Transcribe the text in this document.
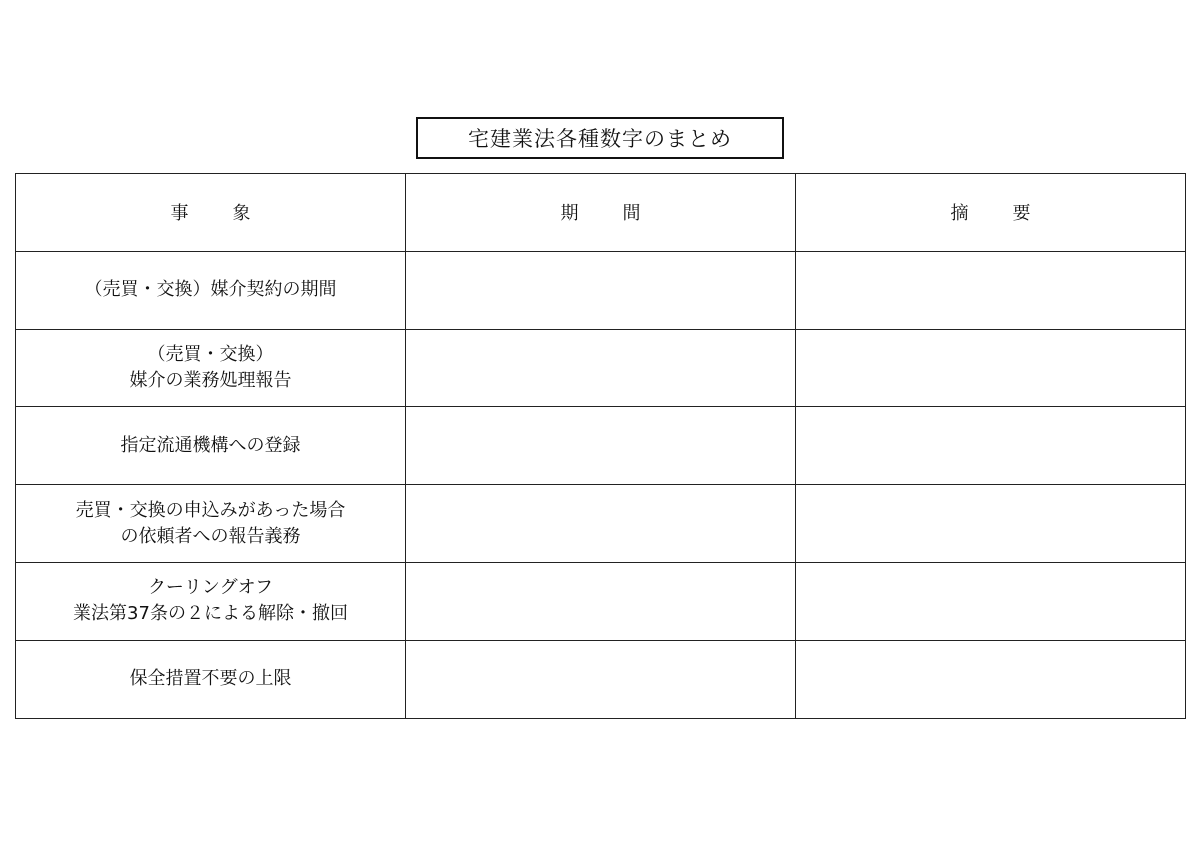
宅建業法各種数字のまとめ
事 象	期 間	摘 要

（売買・交換）媒介契約の期間		

（売買・交換）
媒介の業務処理報告		

指定流通機構への登録		

売買・交換の申込みがあった場合
の依頼者への報告義務		

クーリングオフ
業法第37条の２による解除・撤回		

保全措置不要の上限		
